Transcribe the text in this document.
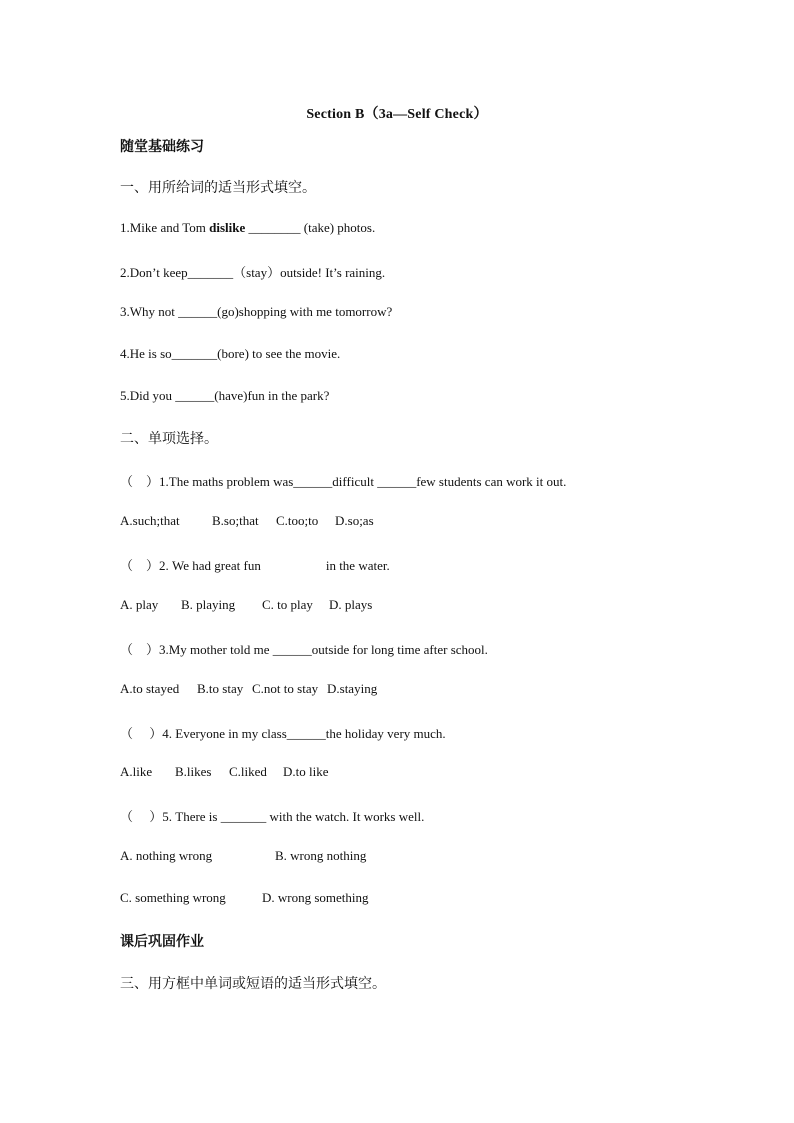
Section B（3a—Self Check）
随堂基础练习
一、用所给词的适当形式填空。
1.Mike and Tom dislike ________ (take) photos.
2.Don’t keep_______（stay）outside! It’s raining.
3.Why not ______(go)shopping with me tomorrow?
4.He is so_______(bore) to see the movie.
5.Did you ______(have)fun in the park?
二、单项选择。
（　）1.The maths problem was______difficult ______few students can work it out.
A.such;that B.so;that C.too;to D.so;as
（　）2. We had great fun　　　　　in the water.
A. play B. playing C. to play D. plays
（　）3.My mother told me ______outside for long time after school.
A.to stayed B.to stay C.not to stay D.staying
（　 ）4. Everyone in my class______the holiday very much.
A.like B.likes C.liked D.to like
（　 ）5. There is _______ with the watch. It works well.
A. nothing wrong	B. wrong nothing
C. something wrong	D. wrong something
课后巩固作业
三、用方框中单词或短语的适当形式填空。
